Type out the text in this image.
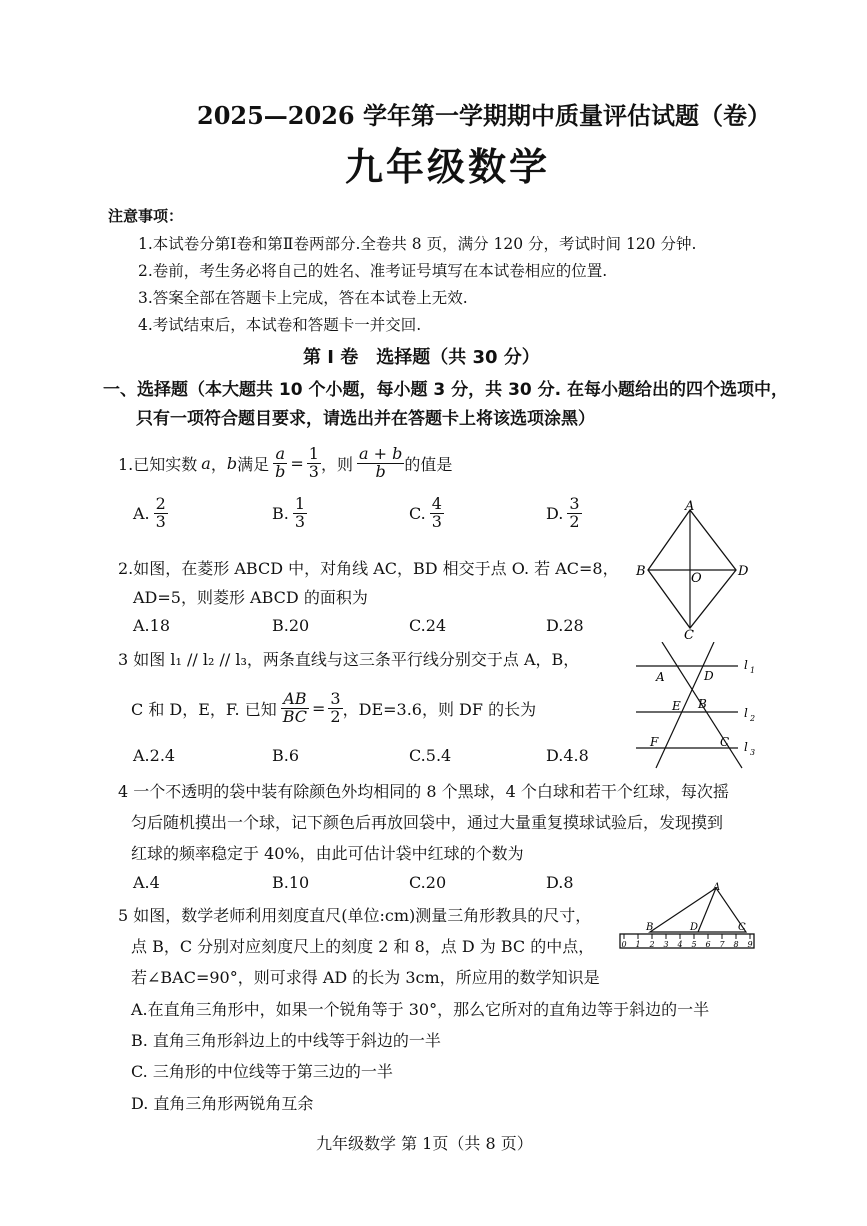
2025—2026 学年第一学期期中质量评估试题（卷）
九年级数学
注意事项：
1.本试卷分第Ⅰ卷和第Ⅱ卷两部分.全卷共 8 页，满分 120 分，考试时间 120 分钟.
2.卷前，考生务必将自己的姓名、准考证号填写在本试卷相应的位置.
3.答案全部在答题卡上完成，答在本试卷上无效.
4.考试结束后，本试卷和答题卡一并交回.
第 I 卷　选择题（共 30 分）
一、选择题（本大题共 10 个小题，每小题 3 分，共 30 分. 在每小题给出的四个选项中，
只有一项符合题目要求，请选出并在答题卡上将该选项涂黑）
1.已知实数 a ， b 满足 $\frac{a}{b} = \frac{1}{3}$ ，则 $\frac{a + b}{b}$ 的值是
A. $\frac{2}{3}$	B. $\frac{1}{3}$	C. $\frac{4}{3}$	D. $\frac{3}{2}$	A
B	D
O
C
2.如图，在菱形 ABCD 中，对角线 AC，BD 相交于点 O. 若 AC=8，
AD=5，则菱形 ABCD 的面积为
A.18	B.20	C.24	D.28
A	D
E B
F	C
l 1
l 2
l 3
3 如图 l₁ // l₂ // l₃，两条直线与这三条平行线分别交于点 A，B，
C 和 D，E，F. 已知 $\frac{AB}{BC} = \frac{3}{2}$ ，DE=3.6，则 DF 的长为
A.2.4	B.6	C.5.4	D.4.8
4 一个不透明的袋中装有除颜色外均相同的 8 个黑球，4 个白球和若干个红球，每次摇
匀后随机摸出一个球，记下颜色后再放回袋中，通过大量重复摸球试验后，发现摸到
红球的频率稳定于 40%，由此可估计袋中红球的个数为
A.4	B.10	C.20	D.8
0 1 2 3 4 5 6 7 8 9
A
B	D	C
5 如图，数学老师利用刻度直尺(单位:cm)测量三角形教具的尺寸，
点 B，C 分别对应刻度尺上的刻度 2 和 8，点 D 为 BC 的中点，
若∠BAC=90°，则可求得 AD 的长为 3cm，所应用的数学知识是
A.在直角三角形中，如果一个锐角等于 30°，那么它所对的直角边等于斜边的一半
B. 直角三角形斜边上的中线等于斜边的一半
C. 三角形的中位线等于第三边的一半
D. 直角三角形两锐角互余
九年级数学 第 1页（共 8 页）
